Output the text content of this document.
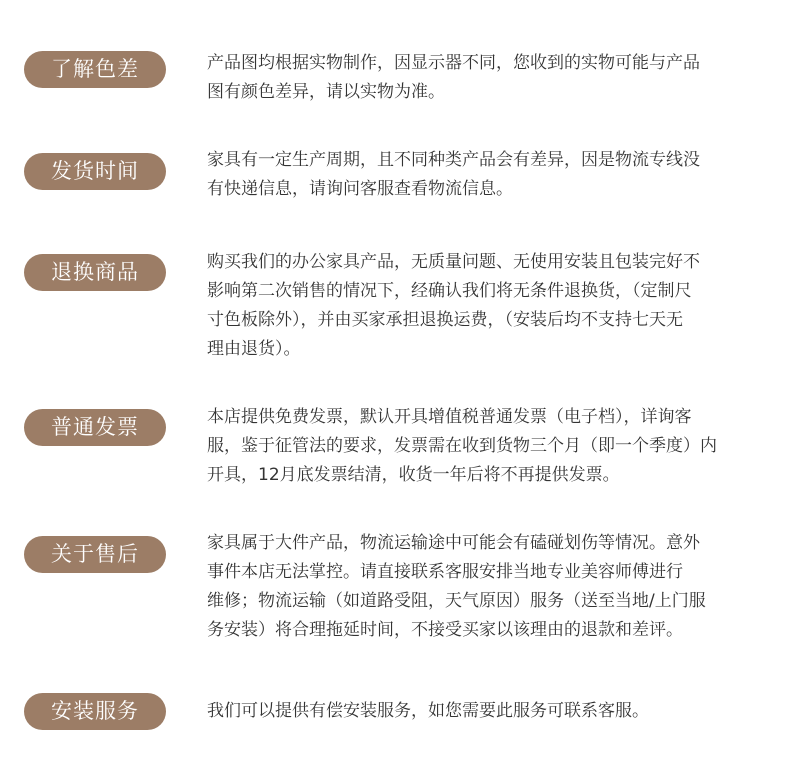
了解色差	产品图均根据实物制作，因显示器不同，您收到的实物可能与产品
图有颜色差异，请以实物为准。

发货时间	家具有一定生产周期，且不同种类产品会有差异，因是物流专线没
有快递信息，请询问客服查看物流信息。

退换商品	购买我们的办公家具产品，无质量问题、无使用安装且包装完好不
影响第二次销售的情况下，经确认我们将无条件退换货，（定制尺
寸色板除外），并由买家承担退换运费，（安装后均不支持七天无
理由退货）。

普通发票	本店提供免费发票，默认开具增值税普通发票（电子档），详询客
服，鉴于征管法的要求，发票需在收到货物三个月（即一个季度）内
开具，12月底发票结清，收货一年后将不再提供发票。

关于售后	家具属于大件产品，物流运输途中可能会有磕碰划伤等情况。意外
事件本店无法掌控。请直接联系客服安排当地专业美容师傅进行
维修；物流运输（如道路受阻，天气原因）服务（送至当地/上门服
务安装）将合理拖延时间，不接受买家以该理由的退款和差评。

安装服务	我们可以提供有偿安装服务，如您需要此服务可联系客服。
